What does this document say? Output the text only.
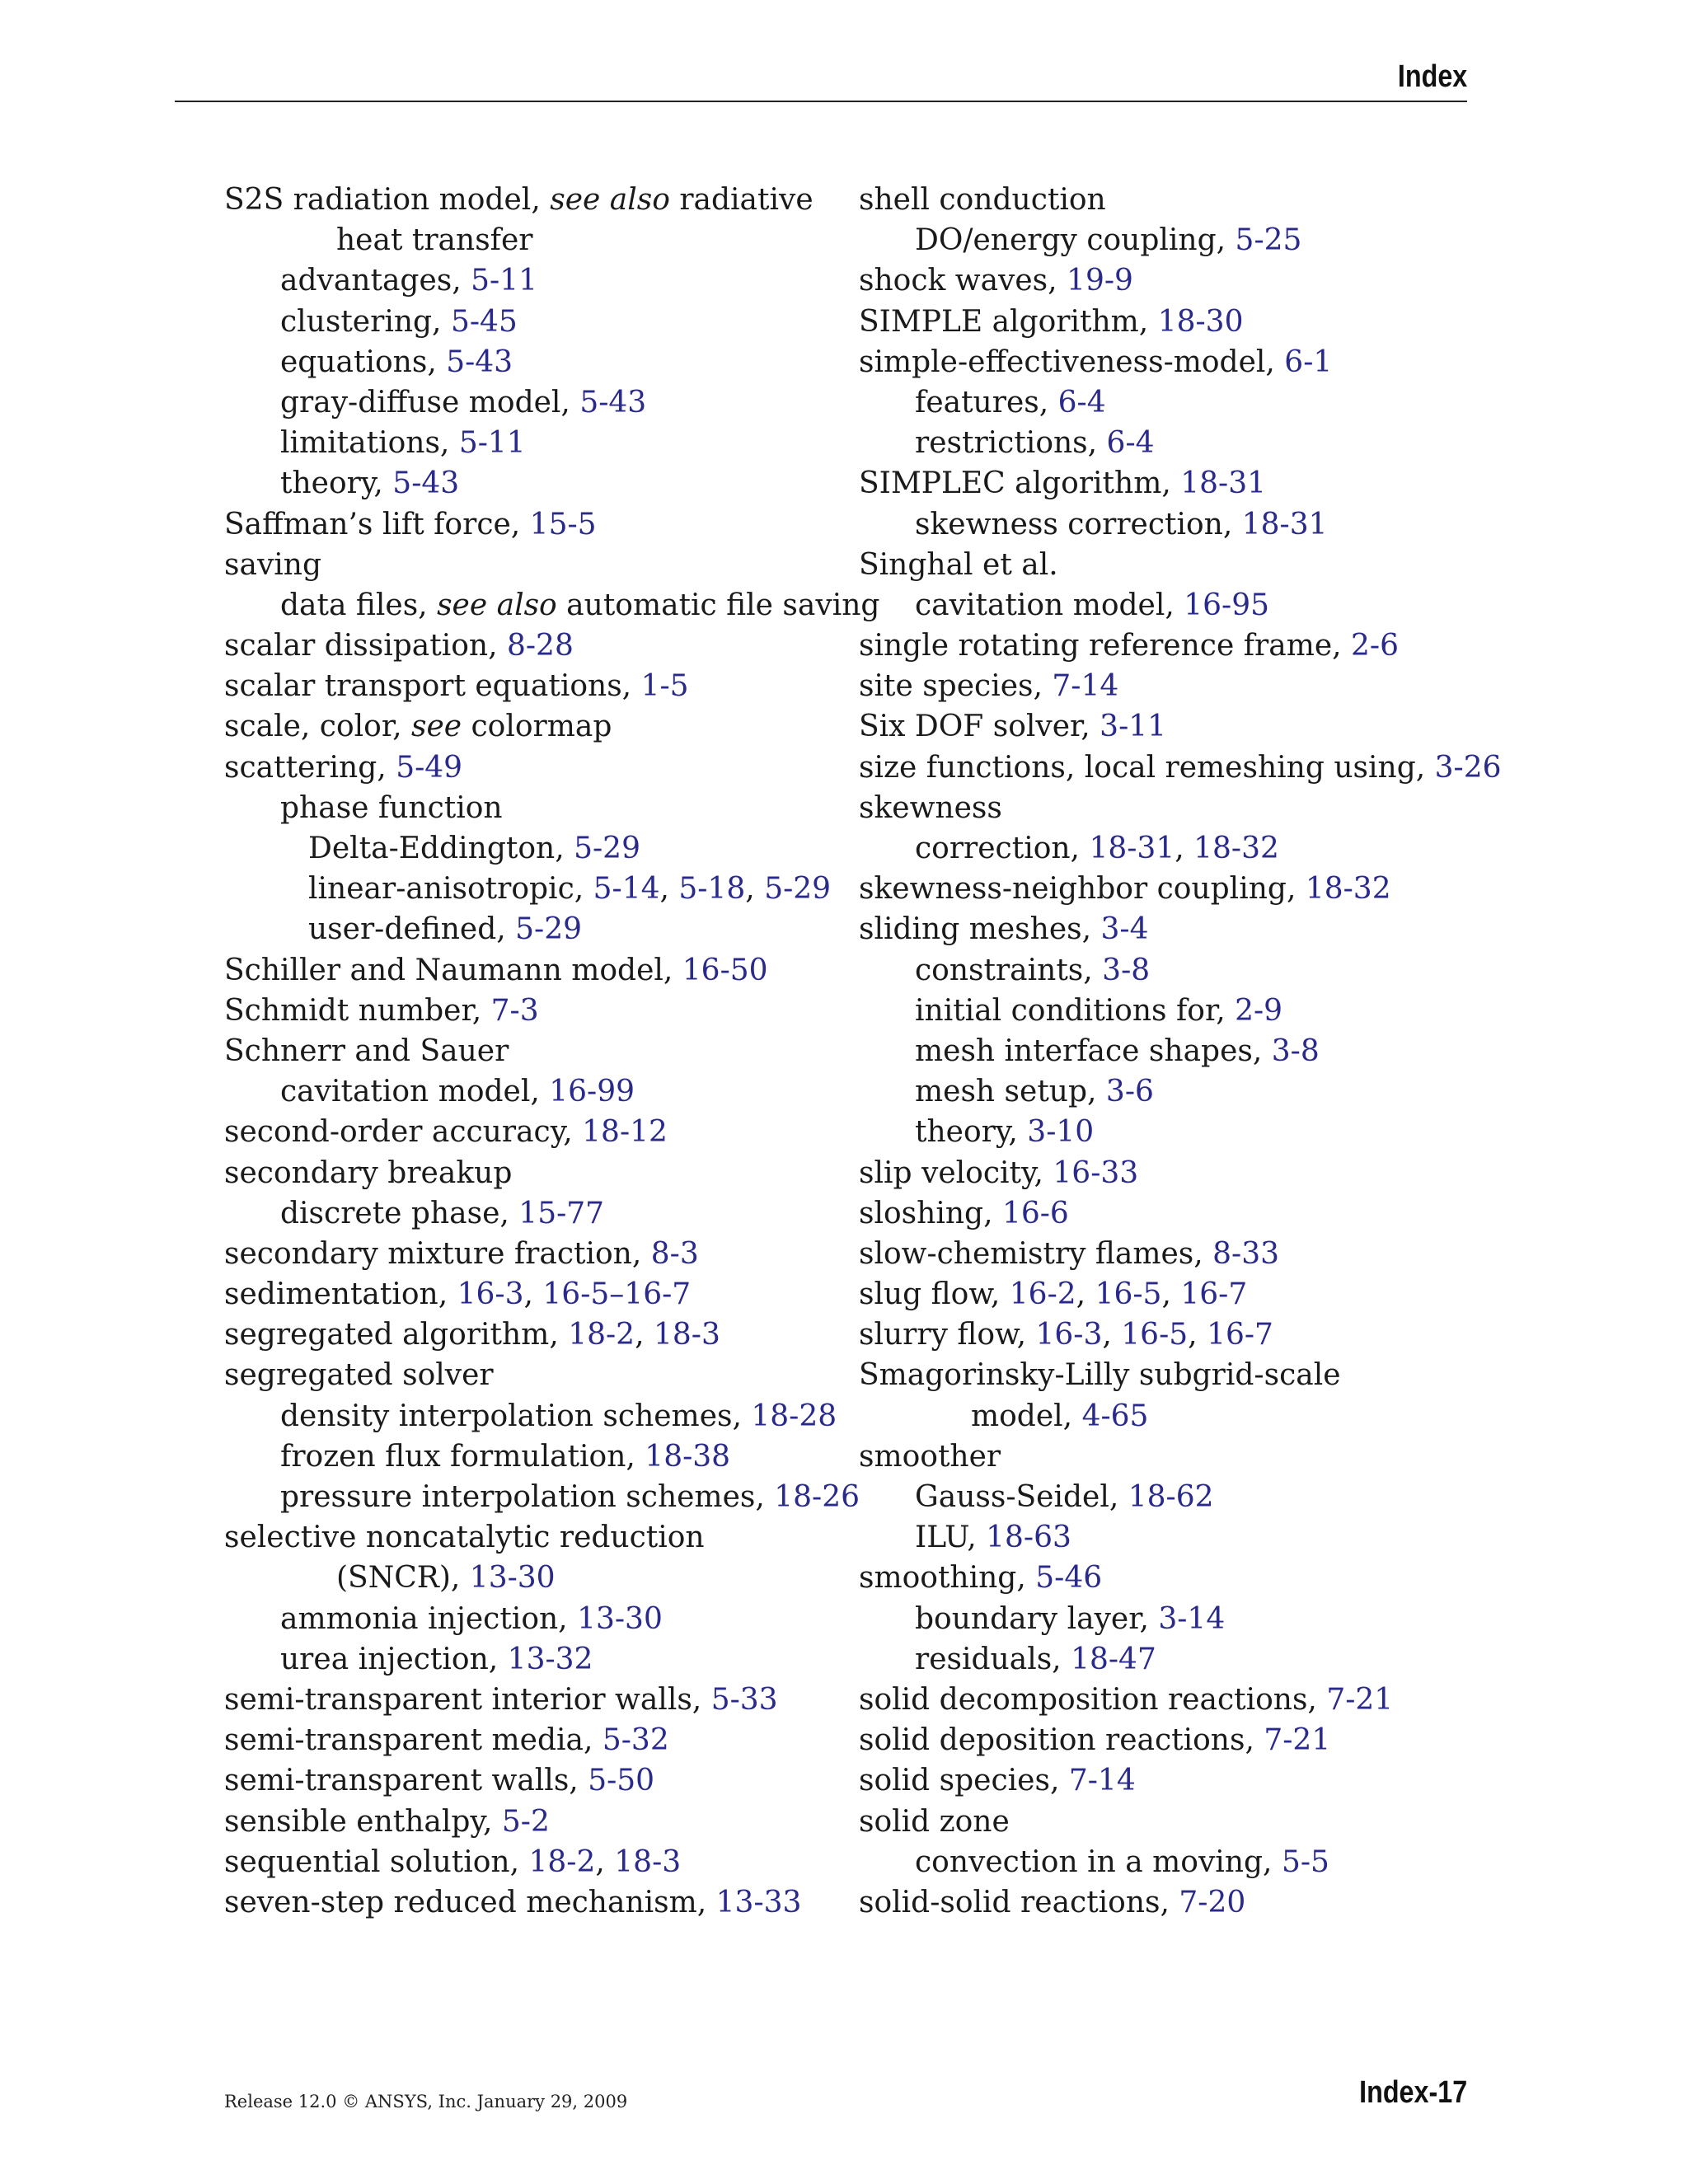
Index
S2S radiation model, see also radiative
heat transfer
advantages, 5-11
clustering, 5-45
equations, 5-43
gray-diffuse model, 5-43
limitations, 5-11
theory, 5-43
Saffman’s lift force, 15-5
saving
data files, see also automatic file saving
scalar dissipation, 8-28
scalar transport equations, 1-5
scale, color, see colormap
scattering, 5-49
phase function
Delta-Eddington, 5-29
linear-anisotropic, 5-14, 5-18, 5-29
user-defined, 5-29
Schiller and Naumann model, 16-50
Schmidt number, 7-3
Schnerr and Sauer
cavitation model, 16-99
second-order accuracy, 18-12
secondary breakup
discrete phase, 15-77
secondary mixture fraction, 8-3
sedimentation, 16-3, 16-5–16-7
segregated algorithm, 18-2, 18-3
segregated solver
density interpolation schemes, 18-28
frozen flux formulation, 18-38
pressure interpolation schemes, 18-26
selective noncatalytic reduction
(SNCR), 13-30
ammonia injection, 13-30
urea injection, 13-32
semi-transparent interior walls, 5-33
semi-transparent media, 5-32
semi-transparent walls, 5-50
sensible enthalpy, 5-2
sequential solution, 18-2, 18-3
seven-step reduced mechanism, 13-33
shell conduction
DO/energy coupling, 5-25
shock waves, 19-9
SIMPLE algorithm, 18-30
simple-effectiveness-model, 6-1
features, 6-4
restrictions, 6-4
SIMPLEC algorithm, 18-31
skewness correction, 18-31
Singhal et al.
cavitation model, 16-95
single rotating reference frame, 2-6
site species, 7-14
Six DOF solver, 3-11
size functions, local remeshing using, 3-26
skewness
correction, 18-31, 18-32
skewness-neighbor coupling, 18-32
sliding meshes, 3-4
constraints, 3-8
initial conditions for, 2-9
mesh interface shapes, 3-8
mesh setup, 3-6
theory, 3-10
slip velocity, 16-33
sloshing, 16-6
slow-chemistry flames, 8-33
slug flow, 16-2, 16-5, 16-7
slurry flow, 16-3, 16-5, 16-7
Smagorinsky-Lilly subgrid-scale
model, 4-65
smoother
Gauss-Seidel, 18-62
ILU, 18-63
smoothing, 5-46
boundary layer, 3-14
residuals, 18-47
solid decomposition reactions, 7-21
solid deposition reactions, 7-21
solid species, 7-14
solid zone
convection in a moving, 5-5
solid-solid reactions, 7-20
Release 12.0 © ANSYS, Inc. January 29, 2009	Index-17
